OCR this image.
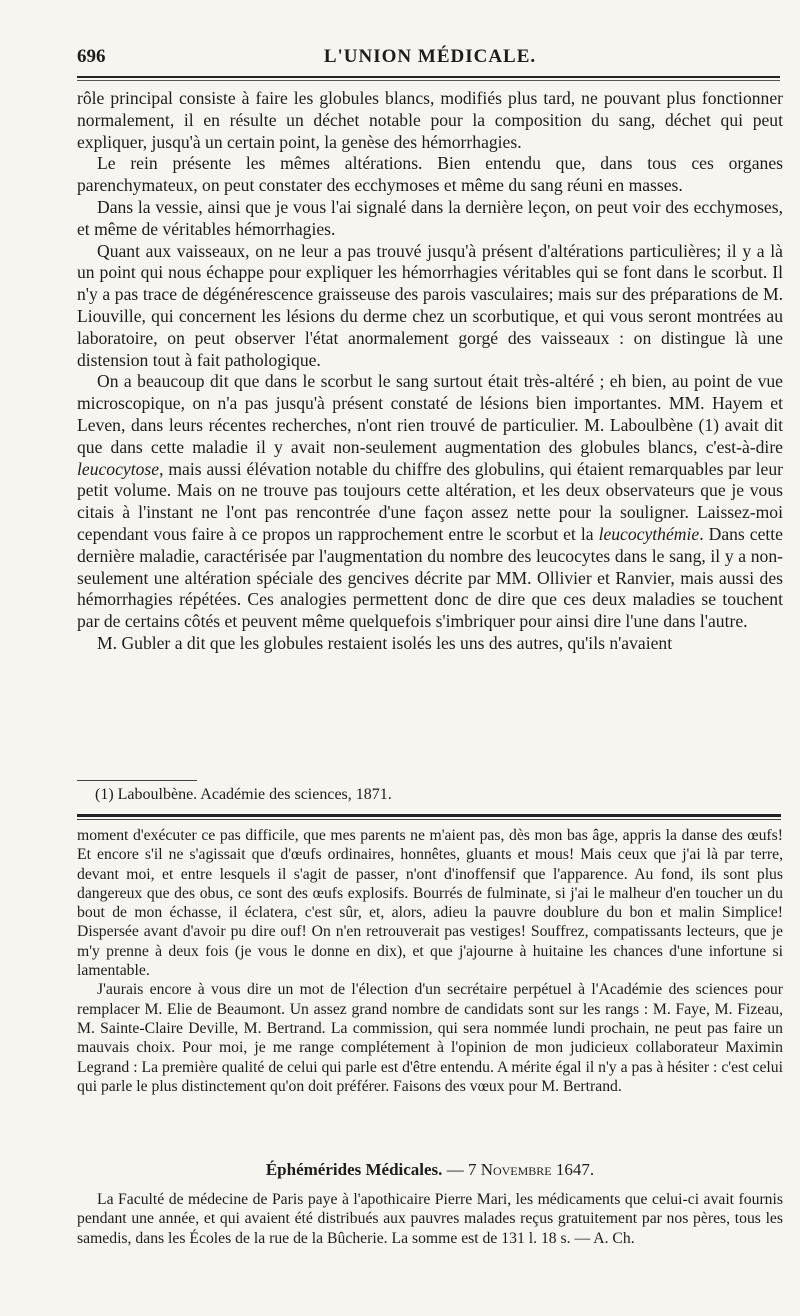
696	L'UNION MÉDICALE.

rôle principal consiste à faire les globules blancs, modifiés plus tard, ne pouvant plus fonctionner normalement, il en résulte un déchet notable pour la composition du sang, déchet qui peut expliquer, jusqu'à un certain point, la genèse des hémorrhagies.

Le rein présente les mêmes altérations. Bien entendu que, dans tous ces organes parenchymateux, on peut constater des ecchymoses et même du sang réuni en masses.

Dans la vessie, ainsi que je vous l'ai signalé dans la dernière leçon, on peut voir des ecchymoses, et même de véritables hémorrhagies.

Quant aux vaisseaux, on ne leur a pas trouvé jusqu'à présent d'altérations particulières; il y a là un point qui nous échappe pour expliquer les hémorrhagies véritables qui se font dans le scorbut. Il n'y a pas trace de dégénérescence graisseuse des parois vasculaires; mais sur des préparations de M. Liouville, qui concernent les lésions du derme chez un scorbutique, et qui vous seront montrées au laboratoire, on peut observer l'état anormalement gorgé des vaisseaux : on distingue là une distension tout à fait pathologique.

On a beaucoup dit que dans le scorbut le sang surtout était très-altéré ; eh bien, au point de vue microscopique, on n'a pas jusqu'à présent constaté de lésions bien importantes. MM. Hayem et Leven, dans leurs récentes recherches, n'ont rien trouvé de particulier. M. Laboulbène (1) avait dit que dans cette maladie il y avait non-seulement augmentation des globules blancs, c'est-à-dire leucocytose, mais aussi élévation notable du chiffre des globulins, qui étaient remarquables par leur petit volume. Mais on ne trouve pas toujours cette altération, et les deux observateurs que je vous citais à l'instant ne l'ont pas rencontrée d'une façon assez nette pour la souligner. Laissez-moi cependant vous faire à ce propos un rapprochement entre le scorbut et la leucocythémie. Dans cette dernière maladie, caractérisée par l'augmentation du nombre des leucocytes dans le sang, il y a non-seulement une altération spéciale des gencives décrite par MM. Ollivier et Ranvier, mais aussi des hémorrhagies répétées. Ces analogies permettent donc de dire que ces deux maladies se touchent par de certains côtés et peuvent même quelquefois s'imbriquer pour ainsi dire l'une dans l'autre.

M. Gubler a dit que les globules restaient isolés les uns des autres, qu'ils n'avaient

(1) Laboulbène. Académie des sciences, 1871.

moment d'exécuter ce pas difficile, que mes parents ne m'aient pas, dès mon bas âge, appris la danse des œufs! Et encore s'il ne s'agissait que d'œufs ordinaires, honnêtes, gluants et mous! Mais ceux que j'ai là par terre, devant moi, et entre lesquels il s'agit de passer, n'ont d'inoffensif que l'apparence. Au fond, ils sont plus dangereux que des obus, ce sont des œufs explosifs. Bourrés de fulminate, si j'ai le malheur d'en toucher un du bout de mon échasse, il éclatera, c'est sûr, et, alors, adieu la pauvre doublure du bon et malin Simplice! Dispersée avant d'avoir pu dire ouf! On n'en retrouverait pas vestiges! Souffrez, compatissants lecteurs, que je m'y prenne à deux fois (je vous le donne en dix), et que j'ajourne à huitaine les chances d'une infortune si lamentable.

J'aurais encore à vous dire un mot de l'élection d'un secrétaire perpétuel à l'Académie des sciences pour remplacer M. Elie de Beaumont. Un assez grand nombre de candidats sont sur les rangs : M. Faye, M. Fizeau, M. Sainte-Claire Deville, M. Bertrand. La commission, qui sera nommée lundi prochain, ne peut pas faire un mauvais choix. Pour moi, je me range complétement à l'opinion de mon judicieux collaborateur Maximin Legrand : La première qualité de celui qui parle est d'être entendu. A mérite égal il n'y a pas à hésiter : c'est celui qui parle le plus distinctement qu'on doit préférer. Faisons des vœux pour M. Bertrand.

Éphémérides Médicales. — 7 Novembre 1647.

La Faculté de médecine de Paris paye à l'apothicaire Pierre Mari, les médicaments que celui-ci avait fournis pendant une année, et qui avaient été distribués aux pauvres malades reçus gratuitement par nos pères, tous les samedis, dans les Écoles de la rue de la Bûcherie. La somme est de 131 l. 18 s. — A. Ch.
